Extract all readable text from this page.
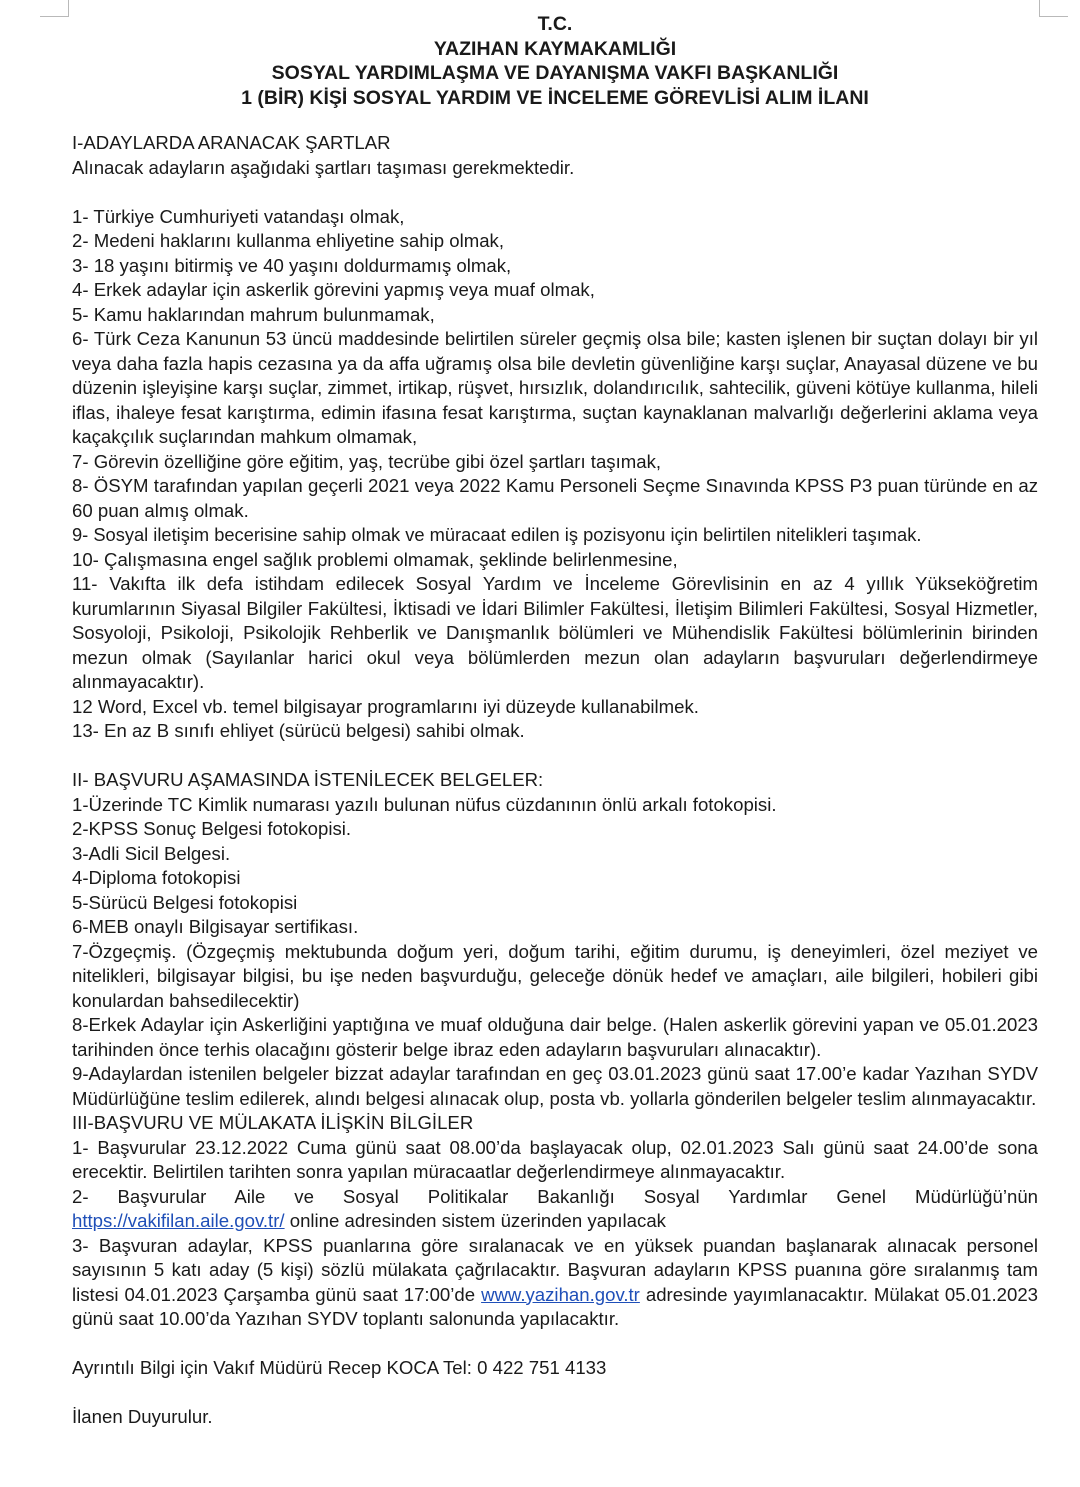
T.C.
YAZIHAN KAYMAKAMLIĞI
SOSYAL YARDIMLAŞMA VE DAYANIŞMA VAKFI BAŞKANLIĞI
1 (BİR) KİŞİ SOSYAL YARDIM VE İNCELEME GÖREVLİSİ ALIM İLANI

I-ADAYLARDA ARANACAK ŞARTLAR

Alınacak adayların aşağıdaki şartları taşıması gerekmektedir.

1- Türkiye Cumhuriyeti vatandaşı olmak,

2- Medeni haklarını kullanma ehliyetine sahip olmak,

3- 18 yaşını bitirmiş ve 40 yaşını doldurmamış olmak,

4- Erkek adaylar için askerlik görevini yapmış veya muaf olmak,

5- Kamu haklarından mahrum bulunmamak,

6- Türk Ceza Kanunun 53 üncü maddesinde belirtilen süreler geçmiş olsa bile; kasten işlenen bir suçtan dolayı bir yıl veya daha fazla hapis cezasına ya da affa uğramış olsa bile devletin güvenliğine karşı suçlar, Anayasal düzene ve bu düzenin işleyişine karşı suçlar, zimmet, irtikap, rüşvet, hırsızlık, dolandırıcılık, sahtecilik, güveni kötüye kullanma, hileli iflas, ihaleye fesat karıştırma, edimin ifasına fesat karıştırma, suçtan kaynaklanan malvarlığı değerlerini aklama veya kaçakçılık suçlarından mahkum olmamak,

7- Görevin özelliğine göre eğitim, yaş, tecrübe gibi özel şartları taşımak,

8- ÖSYM tarafından yapılan geçerli 2021 veya 2022 Kamu Personeli Seçme Sınavında KPSS P3 puan türünde en az 60 puan almış olmak.

9- Sosyal iletişim becerisine sahip olmak ve müracaat edilen iş pozisyonu için belirtilen nitelikleri taşımak.

10- Çalışmasına engel sağlık problemi olmamak, şeklinde belirlenmesine,

11- Vakıfta ilk defa istihdam edilecek Sosyal Yardım ve İnceleme Görevlisinin en az 4 yıllık Yükseköğretim kurumlarının Siyasal Bilgiler Fakültesi, İktisadi ve İdari Bilimler Fakültesi, İletişim Bilimleri Fakültesi, Sosyal Hizmetler, Sosyoloji, Psikoloji, Psikolojik Rehberlik ve Danışmanlık bölümleri ve Mühendislik Fakültesi bölümlerinin birinden mezun olmak (Sayılanlar harici okul veya bölümlerden mezun olan adayların başvuruları değerlendirmeye alınmayacaktır).

12 Word, Excel vb. temel bilgisayar programlarını iyi düzeyde kullanabilmek.

13- En az B sınıfı ehliyet (sürücü belgesi) sahibi olmak.

II- BAŞVURU AŞAMASINDA İSTENİLECEK BELGELER:

1-Üzerinde TC Kimlik numarası yazılı bulunan nüfus cüzdanının önlü arkalı fotokopisi.

2-KPSS Sonuç Belgesi fotokopisi.

3-Adli Sicil Belgesi.

4-Diploma fotokopisi

5-Sürücü Belgesi fotokopisi

6-MEB onaylı Bilgisayar sertifikası.

7-Özgeçmiş. (Özgeçmiş mektubunda doğum yeri, doğum tarihi, eğitim durumu, iş deneyimleri, özel meziyet ve nitelikleri, bilgisayar bilgisi, bu işe neden başvurduğu, geleceğe dönük hedef ve amaçları, aile bilgileri, hobileri gibi konulardan bahsedilecektir)

8-Erkek Adaylar için Askerliğini yaptığına ve muaf olduğuna dair belge. (Halen askerlik görevini yapan ve 05.01.2023 tarihinden önce terhis olacağını gösterir belge ibraz eden adayların başvuruları alınacaktır).

9-Adaylardan istenilen belgeler bizzat adaylar tarafından en geç 03.01.2023 günü saat 17.00’e kadar Yazıhan SYDV Müdürlüğüne teslim edilerek, alındı belgesi alınacak olup, posta vb. yollarla gönderilen belgeler teslim alınmayacaktır.

III-BAŞVURU VE MÜLAKATA İLİŞKİN BİLGİLER

1- Başvurular 23.12.2022 Cuma günü saat 08.00’da başlayacak olup, 02.01.2023 Salı günü saat 24.00’de sona erecektir. Belirtilen tarihten sonra yapılan müracaatlar değerlendirmeye alınmayacaktır.

2- Başvurular Aile ve Sosyal Politikalar Bakanlığı Sosyal Yardımlar Genel Müdürlüğü’nün

https://vakifilan.aile.gov.tr/ online adresinden sistem üzerinden yapılacak

3- Başvuran adaylar, KPSS puanlarına göre sıralanacak ve en yüksek puandan başlanarak alınacak personel sayısının 5 katı aday (5 kişi) sözlü mülakata çağrılacaktır. Başvuran adayların KPSS puanına göre sıralanmış tam listesi 04.01.2023 Çarşamba günü saat 17:00’de www.yazihan.gov.tr adresinde yayımlanacaktır. Mülakat 05.01.2023 günü saat 10.00’da Yazıhan SYDV toplantı salonunda yapılacaktır.

Ayrıntılı Bilgi için Vakıf Müdürü Recep KOCA Tel: 0 422 751 4133

İlanen Duyurulur.
